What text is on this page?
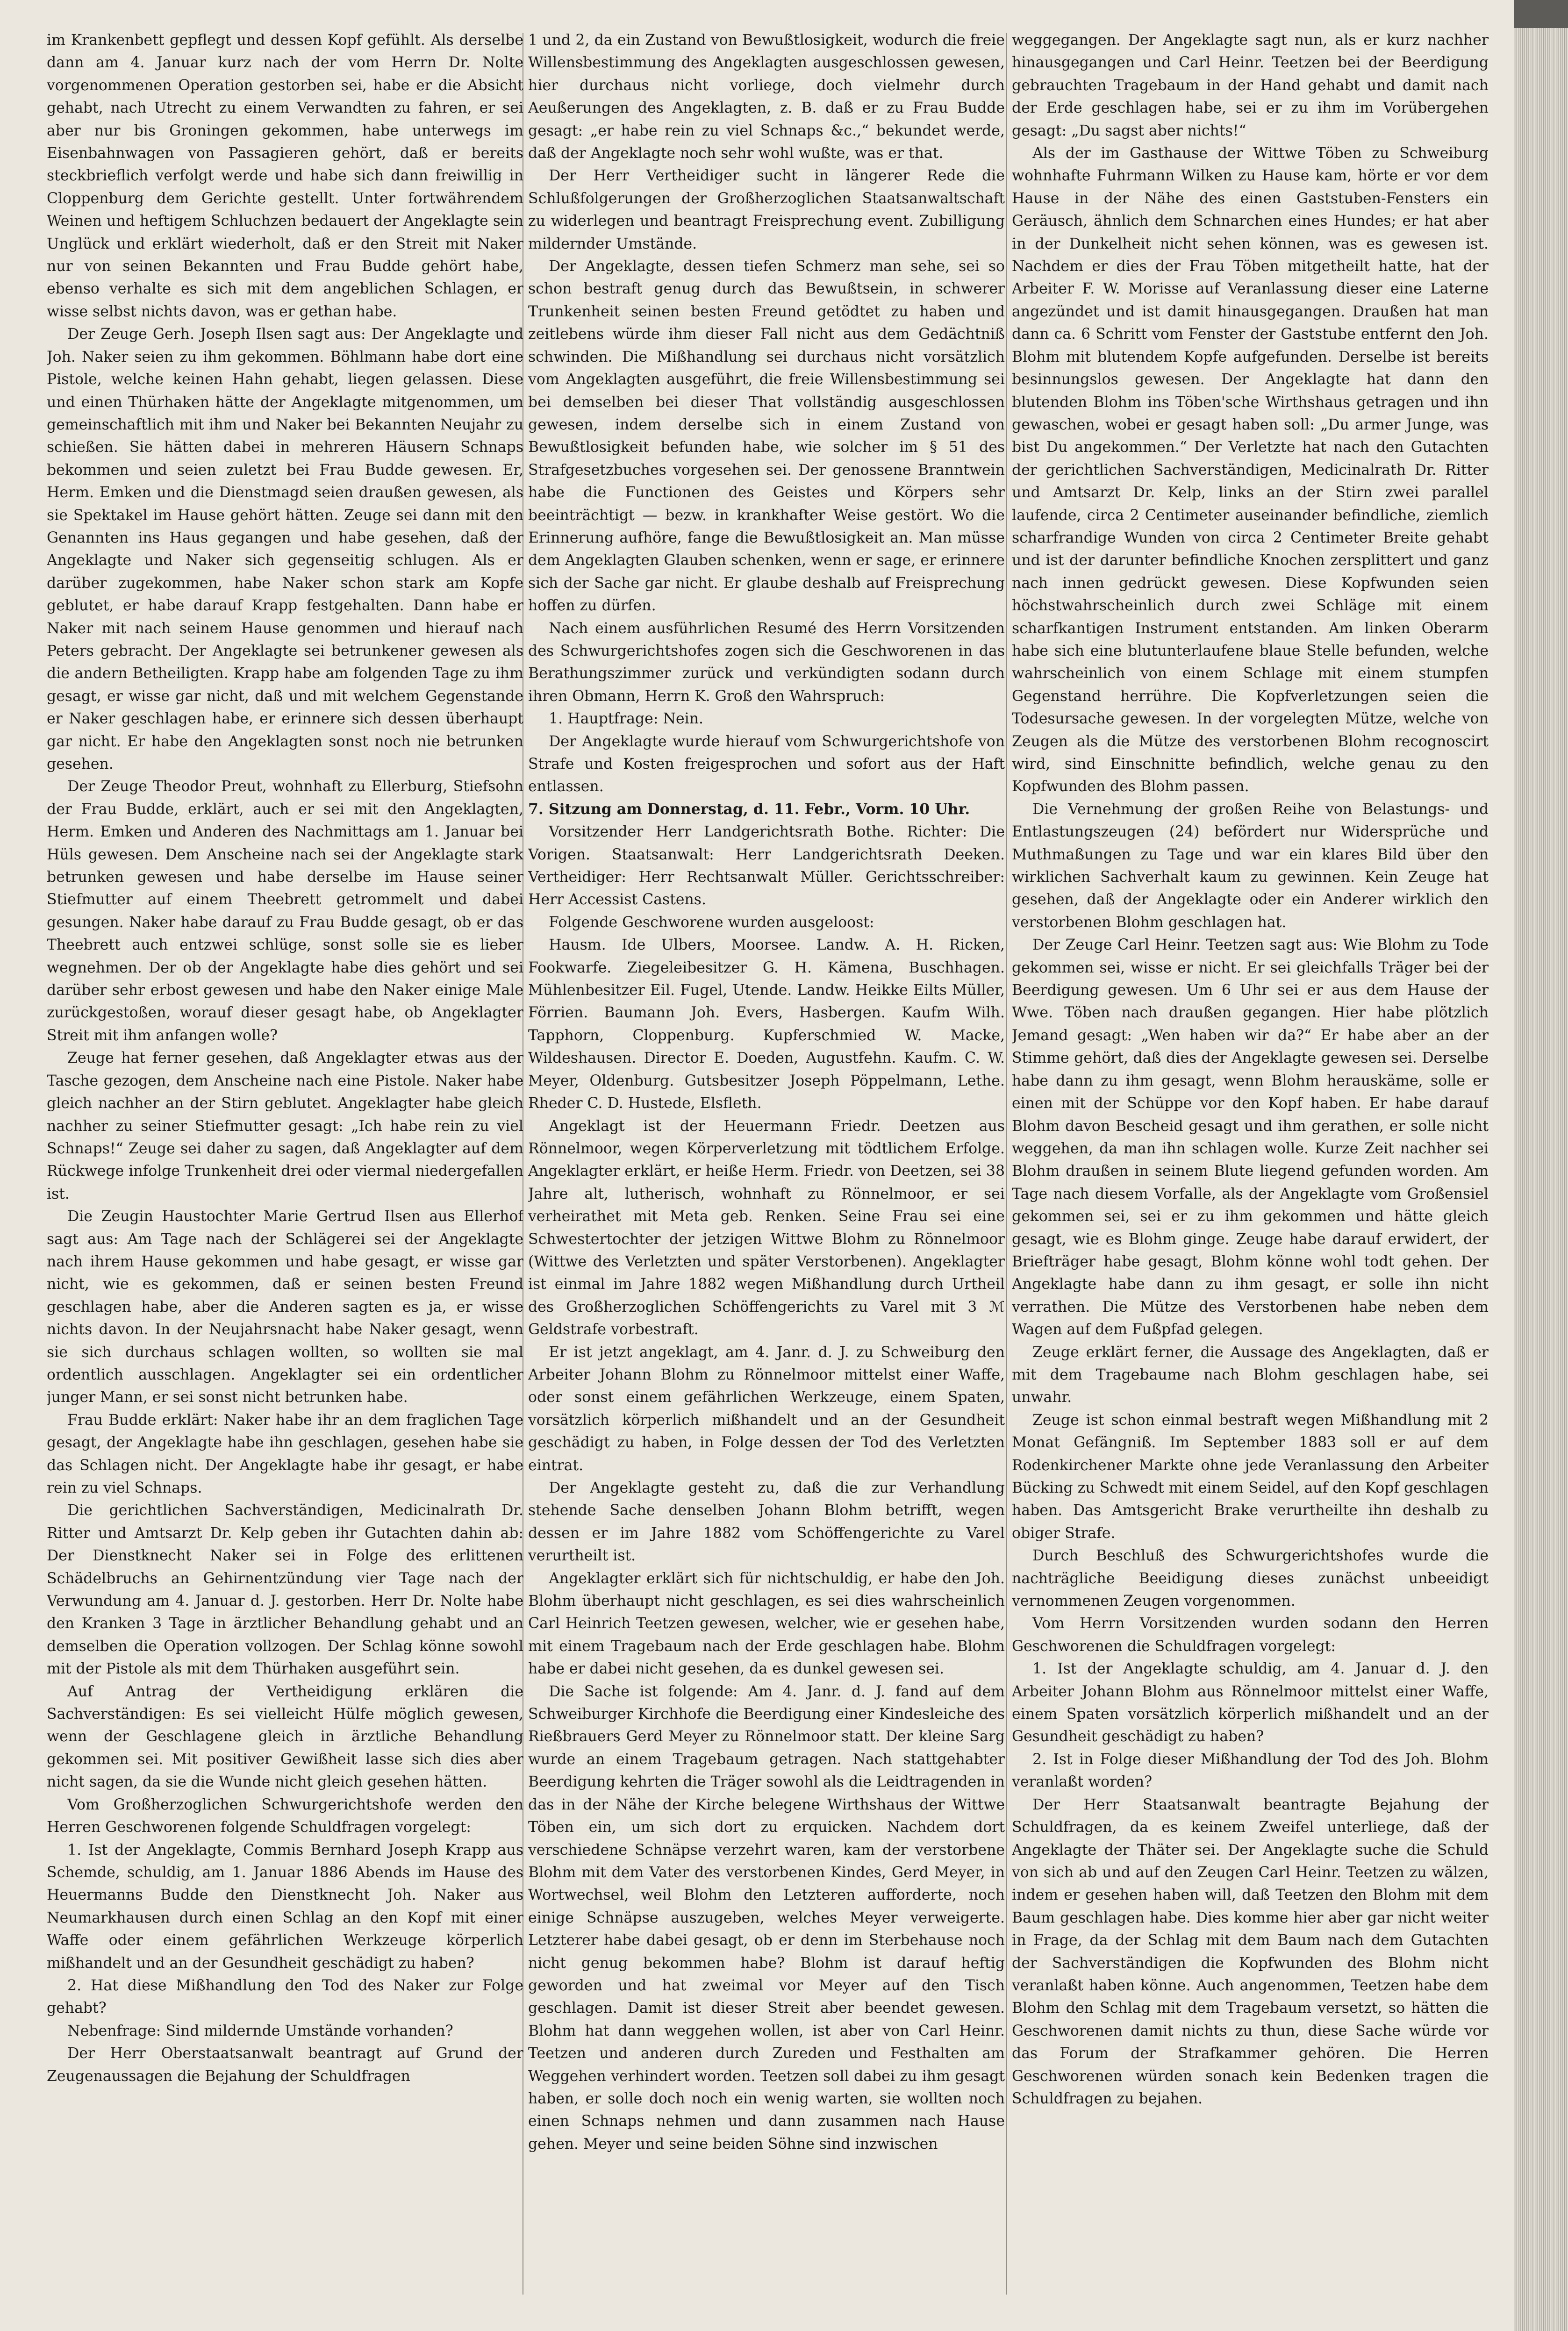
im Krankenbett gepflegt und dessen Kopf gefühlt. Als derselbe dann am 4. Januar kurz nach der vom Herrn Dr. Nolte vorgenommenen Operation gestorben sei, habe er die Absicht gehabt, nach Utrecht zu einem Verwandten zu fahren, er sei aber nur bis Groningen gekommen, habe unterwegs im Eisenbahnwagen von Passagieren gehört, daß er bereits steckbrieflich verfolgt werde und habe sich dann freiwillig in Cloppenburg dem Gerichte gestellt. Unter fortwährendem Weinen und heftigem Schluchzen bedauert der Angeklagte sein Unglück und erklärt wiederholt, daß er den Streit mit Naker nur von seinen Bekannten und Frau Budde gehört habe, ebenso verhalte es sich mit dem angeblichen Schlagen, er wisse selbst nichts davon, was er gethan habe.

Der Zeuge Gerh. Joseph Ilsen sagt aus: Der Angeklagte und Joh. Naker seien zu ihm gekommen. Böhlmann habe dort eine Pistole, welche keinen Hahn gehabt, liegen gelassen. Diese und einen Thürhaken hätte der Angeklagte mitgenommen, um gemeinschaftlich mit ihm und Naker bei Bekannten Neujahr zu schießen. Sie hätten dabei in mehreren Häusern Schnaps bekommen und seien zuletzt bei Frau Budde gewesen. Er, Herm. Emken und die Dienstmagd seien draußen gewesen, als sie Spektakel im Hause gehört hätten. Zeuge sei dann mit den Genannten ins Haus gegangen und habe gesehen, daß der Angeklagte und Naker sich gegenseitig schlugen. Als er darüber zugekommen, habe Naker schon stark am Kopfe geblutet, er habe darauf Krapp festgehalten. Dann habe er Naker mit nach seinem Hause genommen und hierauf nach Peters gebracht. Der Angeklagte sei betrunkener gewesen als die andern Betheiligten. Krapp habe am folgenden Tage zu ihm gesagt, er wisse gar nicht, daß und mit welchem Gegenstande er Naker geschlagen habe, er erinnere sich dessen überhaupt gar nicht. Er habe den Angeklagten sonst noch nie betrunken gesehen.

Der Zeuge Theodor Preut, wohnhaft zu Ellerburg, Stiefsohn der Frau Budde, erklärt, auch er sei mit den Angeklagten, Herm. Emken und Anderen des Nachmittags am 1. Januar bei Hüls gewesen. Dem Anscheine nach sei der Angeklagte stark betrunken gewesen und habe derselbe im Hause seiner Stiefmutter auf einem Theebrett getrommelt und dabei gesungen. Naker habe darauf zu Frau Budde gesagt, ob er das Theebrett auch entzwei schlüge, sonst solle sie es lieber wegnehmen. Der ob der Angeklagte habe dies gehört und sei darüber sehr erbost gewesen und habe den Naker einige Male zurückgestoßen, worauf dieser gesagt habe, ob Angeklagter Streit mit ihm anfangen wolle?

Zeuge hat ferner gesehen, daß Angeklagter etwas aus der Tasche gezogen, dem Anscheine nach eine Pistole. Naker habe gleich nachher an der Stirn geblutet. Angeklagter habe gleich nachher zu seiner Stiefmutter gesagt: „Ich habe rein zu viel Schnaps!“ Zeuge sei daher zu sagen, daß Angeklagter auf dem Rückwege infolge Trunkenheit drei oder viermal niedergefallen ist.

Die Zeugin Haustochter Marie Gertrud Ilsen aus Ellerhof sagt aus: Am Tage nach der Schlägerei sei der Angeklagte nach ihrem Hause gekommen und habe gesagt, er wisse gar nicht, wie es gekommen, daß er seinen besten Freund geschlagen habe, aber die Anderen sagten es ja, er wisse nichts davon. In der Neujahrsnacht habe Naker gesagt, wenn sie sich durchaus schlagen wollten, so wollten sie mal ordentlich ausschlagen. Angeklagter sei ein ordentlicher junger Mann, er sei sonst nicht betrunken habe.

Frau Budde erklärt: Naker habe ihr an dem fraglichen Tage gesagt, der Angeklagte habe ihn geschlagen, gesehen habe sie das Schlagen nicht. Der Angeklagte habe ihr gesagt, er habe rein zu viel Schnaps.

Die gerichtlichen Sachverständigen, Medicinalrath Dr. Ritter und Amtsarzt Dr. Kelp geben ihr Gutachten dahin ab: Der Dienstknecht Naker sei in Folge des erlittenen Schädelbruchs an Gehirnentzündung vier Tage nach der Verwundung am 4. Januar d. J. gestorben. Herr Dr. Nolte habe den Kranken 3 Tage in ärztlicher Behandlung gehabt und an demselben die Operation vollzogen. Der Schlag könne sowohl mit der Pistole als mit dem Thürhaken ausgeführt sein.

Auf Antrag der Vertheidigung erklären die Sachverständigen: Es sei vielleicht Hülfe möglich gewesen, wenn der Geschlagene gleich in ärztliche Behandlung gekommen sei. Mit positiver Gewißheit lasse sich dies aber nicht sagen, da sie die Wunde nicht gleich gesehen hätten.

Vom Großherzoglichen Schwurgerichtshofe werden den Herren Geschworenen folgende Schuldfragen vorgelegt:

1. Ist der Angeklagte, Commis Bernhard Joseph Krapp aus Schemde, schuldig, am 1. Januar 1886 Abends im Hause des Heuermanns Budde den Dienstknecht Joh. Naker aus Neumarkhausen durch einen Schlag an den Kopf mit einer Waffe oder einem gefährlichen Werkzeuge körperlich mißhandelt und an der Gesundheit geschädigt zu haben?

2. Hat diese Mißhandlung den Tod des Naker zur Folge gehabt?

Nebenfrage: Sind mildernde Umstände vorhanden?

Der Herr Oberstaatsanwalt beantragt auf Grund der Zeugenaussagen die Bejahung der Schuldfragen

1 und 2, da ein Zustand von Bewußtlosigkeit, wodurch die freie Willensbestimmung des Angeklagten ausgeschlossen gewesen, hier durchaus nicht vorliege, doch vielmehr durch Aeußerungen des Angeklagten, z. B. daß er zu Frau Budde gesagt: „er habe rein zu viel Schnaps &c.,“ bekundet werde, daß der Angeklagte noch sehr wohl wußte, was er that.

Der Herr Vertheidiger sucht in längerer Rede die Schlußfolgerungen der Großherzoglichen Staatsanwaltschaft zu widerlegen und beantragt Freisprechung event. Zubilligung mildernder Umstände.

Der Angeklagte, dessen tiefen Schmerz man sehe, sei so schon bestraft genug durch das Bewußtsein, in schwerer Trunkenheit seinen besten Freund getödtet zu haben und zeitlebens würde ihm dieser Fall nicht aus dem Gedächtniß schwinden. Die Mißhandlung sei durchaus nicht vorsätzlich vom Angeklagten ausgeführt, die freie Willensbestimmung sei bei demselben bei dieser That vollständig ausgeschlossen gewesen, indem derselbe sich in einem Zustand von Bewußtlosigkeit befunden habe, wie solcher im § 51 des Strafgesetzbuches vorgesehen sei. Der genossene Branntwein habe die Functionen des Geistes und Körpers sehr beeinträchtigt — bezw. in krankhafter Weise gestört. Wo die Erinnerung aufhöre, fange die Bewußtlosigkeit an. Man müsse dem Angeklagten Glauben schenken, wenn er sage, er erinnere sich der Sache gar nicht. Er glaube deshalb auf Freisprechung hoffen zu dürfen.

Nach einem ausführlichen Resumé des Herrn Vorsitzenden des Schwurgerichtshofes zogen sich die Geschworenen in das Berathungszimmer zurück und verkündigten sodann durch ihren Obmann, Herrn K. Groß den Wahrspruch:

1. Hauptfrage: Nein.

Der Angeklagte wurde hierauf vom Schwurgerichtshofe von Strafe und Kosten freigesprochen und sofort aus der Haft entlassen.

7. Sitzung am Donnerstag, d. 11. Febr., Vorm. 10 Uhr.

Vorsitzender Herr Landgerichtsrath Bothe. Richter: Die Vorigen. Staatsanwalt: Herr Landgerichtsrath Deeken. Vertheidiger: Herr Rechtsanwalt Müller. Gerichtsschreiber: Herr Accessist Castens.

Folgende Geschworene wurden ausgeloost:

Hausm. Ide Ulbers, Moorsee. Landw. A. H. Ricken, Fookwarfe. Ziegeleibesitzer G. H. Kämena, Buschhagen. Mühlenbesitzer Eil. Fugel, Utende. Landw. Heikke Eilts Müller, Förrien. Baumann Joh. Evers, Hasbergen. Kaufm Wilh. Tapphorn, Cloppenburg. Kupferschmied W. Macke, Wildeshausen. Director E. Doeden, Augustfehn. Kaufm. C. W. Meyer, Oldenburg. Gutsbesitzer Joseph Pöppelmann, Lethe. Rheder C. D. Hustede, Elsfleth.

Angeklagt ist der Heuermann Friedr. Deetzen aus Rönnelmoor, wegen Körperverletzung mit tödtlichem Erfolge. Angeklagter erklärt, er heiße Herm. Friedr. von Deetzen, sei 38 Jahre alt, lutherisch, wohnhaft zu Rönnelmoor, er sei verheirathet mit Meta geb. Renken. Seine Frau sei eine Schwestertochter der jetzigen Wittwe Blohm zu Rönnelmoor (Wittwe des Verletzten und später Verstorbenen). Angeklagter ist einmal im Jahre 1882 wegen Mißhandlung durch Urtheil des Großherzoglichen Schöffengerichts zu Varel mit 3 ℳ Geldstrafe vorbestraft.

Er ist jetzt angeklagt, am 4. Janr. d. J. zu Schweiburg den Arbeiter Johann Blohm zu Rönnelmoor mittelst einer Waffe, oder sonst einem gefährlichen Werkzeuge, einem Spaten, vorsätzlich körperlich mißhandelt und an der Gesundheit geschädigt zu haben, in Folge dessen der Tod des Verletzten eintrat.

Der Angeklagte gesteht zu, daß die zur Verhandlung stehende Sache denselben Johann Blohm betrifft, wegen dessen er im Jahre 1882 vom Schöffengerichte zu Varel verurtheilt ist.

Angeklagter erklärt sich für nichtschuldig, er habe den Joh. Blohm überhaupt nicht geschlagen, es sei dies wahrscheinlich Carl Heinrich Teetzen gewesen, welcher, wie er gesehen habe, mit einem Tragebaum nach der Erde geschlagen habe. Blohm habe er dabei nicht gesehen, da es dunkel gewesen sei.

Die Sache ist folgende: Am 4. Janr. d. J. fand auf dem Schweiburger Kirchhofe die Beerdigung einer Kindesleiche des Rießbrauers Gerd Meyer zu Rönnelmoor statt. Der kleine Sarg wurde an einem Tragebaum getragen. Nach stattgehabter Beerdigung kehrten die Träger sowohl als die Leidtragenden in das in der Nähe der Kirche belegene Wirthshaus der Wittwe Töben ein, um sich dort zu erquicken. Nachdem dort verschiedene Schnäpse verzehrt waren, kam der verstorbene Blohm mit dem Vater des verstorbenen Kindes, Gerd Meyer, in Wortwechsel, weil Blohm den Letzteren aufforderte, noch einige Schnäpse auszugeben, welches Meyer verweigerte. Letzterer habe dabei gesagt, ob er denn im Sterbehause noch nicht genug bekommen habe? Blohm ist darauf heftig geworden und hat zweimal vor Meyer auf den Tisch geschlagen. Damit ist dieser Streit aber beendet gewesen. Blohm hat dann weggehen wollen, ist aber von Carl Heinr. Teetzen und anderen durch Zureden und Festhalten am Weggehen verhindert worden. Teetzen soll dabei zu ihm gesagt haben, er solle doch noch ein wenig warten, sie wollten noch einen Schnaps nehmen und dann zusammen nach Hause gehen. Meyer und seine beiden Söhne sind inzwischen

weggegangen. Der Angeklagte sagt nun, als er kurz nachher hinausgegangen und Carl Heinr. Teetzen bei der Beerdigung gebrauchten Tragebaum in der Hand gehabt und damit nach der Erde geschlagen habe, sei er zu ihm im Vorübergehen gesagt: „Du sagst aber nichts!“

Als der im Gasthause der Wittwe Töben zu Schweiburg wohnhafte Fuhrmann Wilken zu Hause kam, hörte er vor dem Hause in der Nähe des einen Gaststuben-Fensters ein Geräusch, ähnlich dem Schnarchen eines Hundes; er hat aber in der Dunkelheit nicht sehen können, was es gewesen ist. Nachdem er dies der Frau Töben mitgetheilt hatte, hat der Arbeiter F. W. Morisse auf Veranlassung dieser eine Laterne angezündet und ist damit hinausgegangen. Draußen hat man dann ca. 6 Schritt vom Fenster der Gaststube entfernt den Joh. Blohm mit blutendem Kopfe aufgefunden. Derselbe ist bereits besinnungslos gewesen. Der Angeklagte hat dann den blutenden Blohm ins Töben'sche Wirthshaus getragen und ihn gewaschen, wobei er gesagt haben soll: „Du armer Junge, was bist Du angekommen.“ Der Verletzte hat nach den Gutachten der gerichtlichen Sachverständigen, Medicinalrath Dr. Ritter und Amtsarzt Dr. Kelp, links an der Stirn zwei parallel laufende, circa 2 Centimeter auseinander befindliche, ziemlich scharfrandige Wunden von circa 2 Centimeter Breite gehabt und ist der darunter befindliche Knochen zersplittert und ganz nach innen gedrückt gewesen. Diese Kopfwunden seien höchstwahrscheinlich durch zwei Schläge mit einem scharfkantigen Instrument entstanden. Am linken Oberarm habe sich eine blutunterlaufene blaue Stelle befunden, welche wahrscheinlich von einem Schlage mit einem stumpfen Gegenstand herrühre. Die Kopfverletzungen seien die Todesursache gewesen. In der vorgelegten Mütze, welche von Zeugen als die Mütze des verstorbenen Blohm recognoscirt wird, sind Einschnitte befindlich, welche genau zu den Kopfwunden des Blohm passen.

Die Vernehmung der großen Reihe von Belastungs- und Entlastungszeugen (24) befördert nur Widersprüche und Muthmaßungen zu Tage und war ein klares Bild über den wirklichen Sachverhalt kaum zu gewinnen. Kein Zeuge hat gesehen, daß der Angeklagte oder ein Anderer wirklich den verstorbenen Blohm geschlagen hat.

Der Zeuge Carl Heinr. Teetzen sagt aus: Wie Blohm zu Tode gekommen sei, wisse er nicht. Er sei gleichfalls Träger bei der Beerdigung gewesen. Um 6 Uhr sei er aus dem Hause der Wwe. Töben nach draußen gegangen. Hier habe plötzlich Jemand gesagt: „Wen haben wir da?“ Er habe aber an der Stimme gehört, daß dies der Angeklagte gewesen sei. Derselbe habe dann zu ihm gesagt, wenn Blohm herauskäme, solle er einen mit der Schüppe vor den Kopf haben. Er habe darauf Blohm davon Bescheid gesagt und ihm gerathen, er solle nicht weggehen, da man ihn schlagen wolle. Kurze Zeit nachher sei Blohm draußen in seinem Blute liegend gefunden worden. Am Tage nach diesem Vorfalle, als der Angeklagte vom Großensiel gekommen sei, sei er zu ihm gekommen und hätte gleich gesagt, wie es Blohm ginge. Zeuge habe darauf erwidert, der Briefträger habe gesagt, Blohm könne wohl todt gehen. Der Angeklagte habe dann zu ihm gesagt, er solle ihn nicht verrathen. Die Mütze des Verstorbenen habe neben dem Wagen auf dem Fußpfad gelegen.

Zeuge erklärt ferner, die Aussage des Angeklagten, daß er mit dem Tragebaume nach Blohm geschlagen habe, sei unwahr.

Zeuge ist schon einmal bestraft wegen Mißhandlung mit 2 Monat Gefängniß. Im September 1883 soll er auf dem Rodenkirchener Markte ohne jede Veranlassung den Arbeiter Bücking zu Schwedt mit einem Seidel, auf den Kopf geschlagen haben. Das Amtsgericht Brake verurtheilte ihn deshalb zu obiger Strafe.

Durch Beschluß des Schwurgerichtshofes wurde die nachträgliche Beeidigung dieses zunächst unbeeidigt vernommenen Zeugen vorgenommen.

Vom Herrn Vorsitzenden wurden sodann den Herren Geschworenen die Schuldfragen vorgelegt:

1. Ist der Angeklagte schuldig, am 4. Januar d. J. den Arbeiter Johann Blohm aus Rönnelmoor mittelst einer Waffe, einem Spaten vorsätzlich körperlich mißhandelt und an der Gesundheit geschädigt zu haben?

2. Ist in Folge dieser Mißhandlung der Tod des Joh. Blohm veranlaßt worden?

Der Herr Staatsanwalt beantragte Bejahung der Schuldfragen, da es keinem Zweifel unterliege, daß der Angeklagte der Thäter sei. Der Angeklagte suche die Schuld von sich ab und auf den Zeugen Carl Heinr. Teetzen zu wälzen, indem er gesehen haben will, daß Teetzen den Blohm mit dem Baum geschlagen habe. Dies komme hier aber gar nicht weiter in Frage, da der Schlag mit dem Baum nach dem Gutachten der Sachverständigen die Kopfwunden des Blohm nicht veranlaßt haben könne. Auch angenommen, Teetzen habe dem Blohm den Schlag mit dem Tragebaum versetzt, so hätten die Geschworenen damit nichts zu thun, diese Sache würde vor das Forum der Strafkammer gehören. Die Herren Geschworenen würden sonach kein Bedenken tragen die Schuldfragen zu bejahen.
